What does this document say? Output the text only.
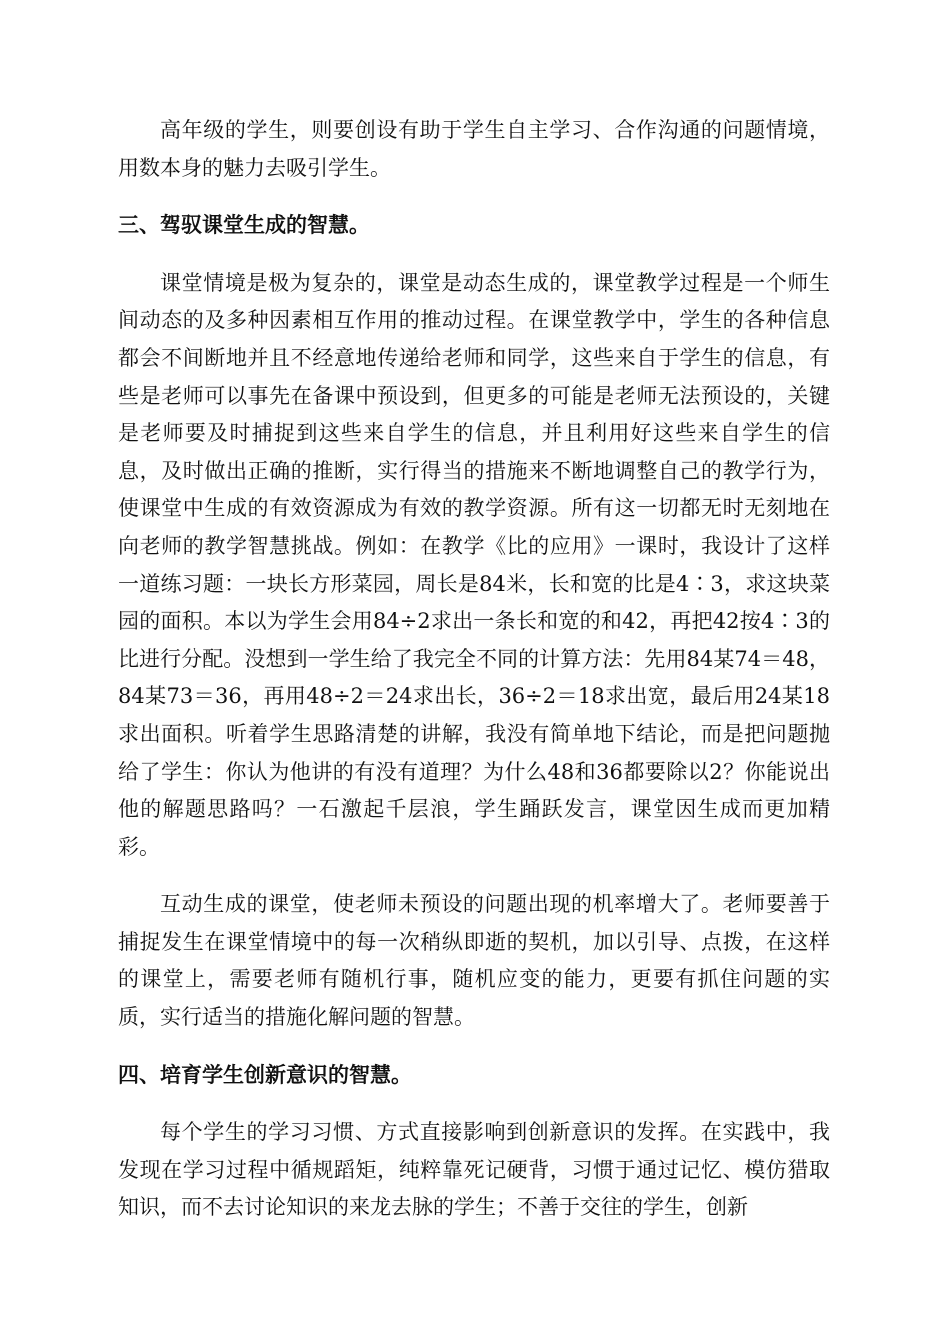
高年级的学生，则要创设有助于学生自主学习、合作沟通的问题情境，用数本身的魅力去吸引学生。

三、驾驭课堂生成的智慧。

课堂情境是极为复杂的，课堂是动态生成的，课堂教学过程是一个师生间动态的及多种因素相互作用的推动过程。在课堂教学中，学生的各种信息都会不间断地并且不经意地传递给老师和同学，这些来自于学生的信息，有些是老师可以事先在备课中预设到，但更多的可能是老师无法预设的，关键是老师要及时捕捉到这些来自学生的信息，并且利用好这些来自学生的信息，及时做出正确的推断，实行得当的措施来不断地调整自己的教学行为，使课堂中生成的有效资源成为有效的教学资源。所有这一切都无时无刻地在向老师的教学智慧挑战。例如：在教学《比的应用》一课时，我设计了这样一道练习题：一块长方形菜园，周长是84米，长和宽的比是4∶3，求这块菜园的面积。本以为学生会用84÷2求出一条长和宽的和42，再把42按4∶3的比进行分配。没想到一学生给了我完全不同的计算方法：先用84某74＝48，84某73＝36，再用48÷2＝24求出长，36÷2＝18求出宽，最后用24某18求出面积。听着学生思路清楚的讲解，我没有简单地下结论，而是把问题抛给了学生：你认为他讲的有没有道理？为什么48和36都要除以2？你能说出他的解题思路吗？一石激起千层浪，学生踊跃发言，课堂因生成而更加精彩。

互动生成的课堂，使老师未预设的问题出现的机率增大了。老师要善于捕捉发生在课堂情境中的每一次稍纵即逝的契机，加以引导、点拨，在这样的课堂上，需要老师有随机行事，随机应变的能力，更要有抓住问题的实质，实行适当的措施化解问题的智慧。

四、培育学生创新意识的智慧。

每个学生的学习习惯、方式直接影响到创新意识的发挥。在实践中，我发现在学习过程中循规蹈矩，纯粹靠死记硬背，习惯于通过记忆、模仿猎取知识，而不去讨论知识的来龙去脉的学生；不善于交往的学生，创新
